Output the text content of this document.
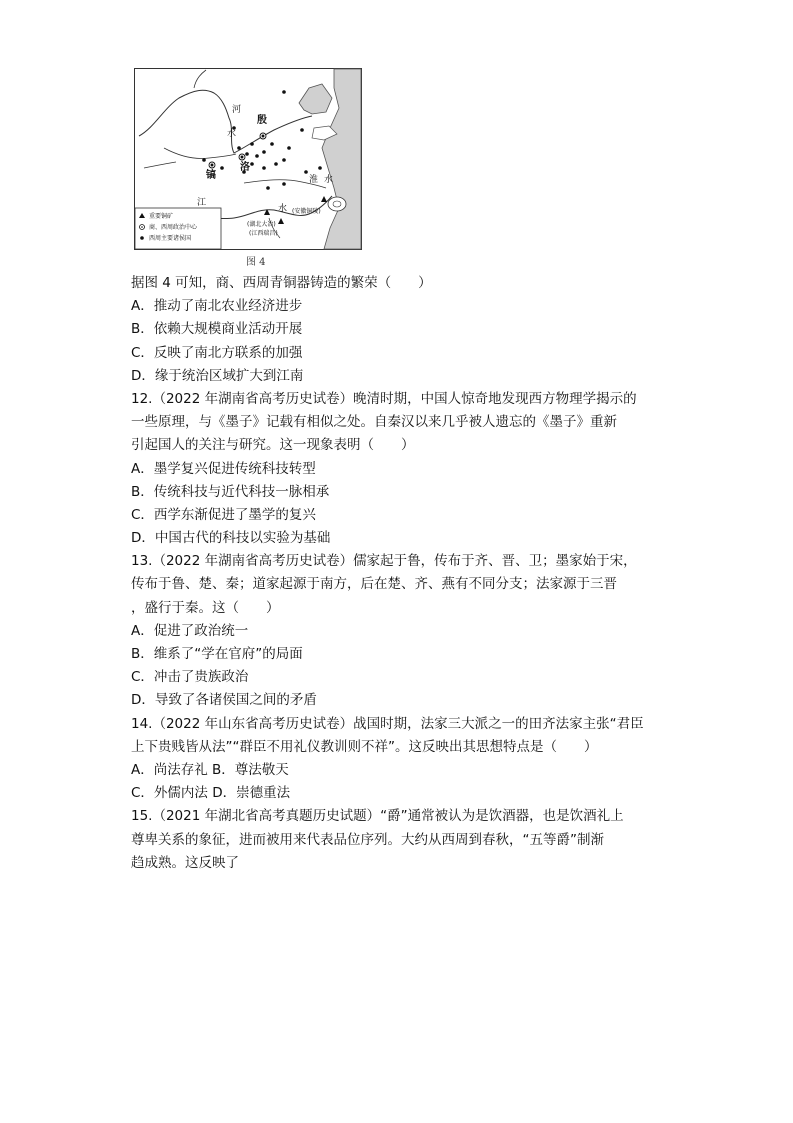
河
水
殷
洛
镐
江
淮 水
水
(湖北大冶)
(江西瑞昌)
(安徽铜陵)
重要铜矿
商、西周政治中心
西周主要诸侯国
图 4
据图 4 可知，商、西周青铜器铸造的繁荣（　　）
A．推动了南北农业经济进步
B．依赖大规模商业活动开展
C．反映了南北方联系的加强
D．缘于统治区域扩大到江南
12.（2022 年湖南省高考历史试卷）晚清时期，中国人惊奇地发现西方物理学揭示的
一些原理，与《墨子》记载有相似之处。自秦汉以来几乎被人遗忘的《墨子》重新
引起国人的关注与研究。这一现象表明（　　）
A．墨学复兴促进传统科技转型
B．传统科技与近代科技一脉相承
C．西学东渐促进了墨学的复兴
D．中国古代的科技以实验为基础
13.（2022 年湖南省高考历史试卷）儒家起于鲁，传布于齐、晋、卫；墨家始于宋，
传布于鲁、楚、秦；道家起源于南方，后在楚、齐、燕有不同分支；法家源于三晋
，盛行于秦。这（　　）
A．促进了政治统一
B．维系了“学在官府”的局面
C．冲击了贵族政治
D．导致了各诸侯国之间的矛盾
14.（2022 年山东省高考历史试卷）战国时期，法家三大派之一的田齐法家主张“君臣
上下贵贱皆从法”“群臣不用礼仪教训则不祥”。这反映出其思想特点是（　　）
A．尚法存礼 B．尊法敬天
C．外儒内法 D．崇德重法
15.（2021 年湖北省高考真题历史试题）“爵”通常被认为是饮酒器，也是饮酒礼上
尊卑关系的象征，进而被用来代表品位序列。大约从西周到春秋，“五等爵”制渐
趋成熟。这反映了
